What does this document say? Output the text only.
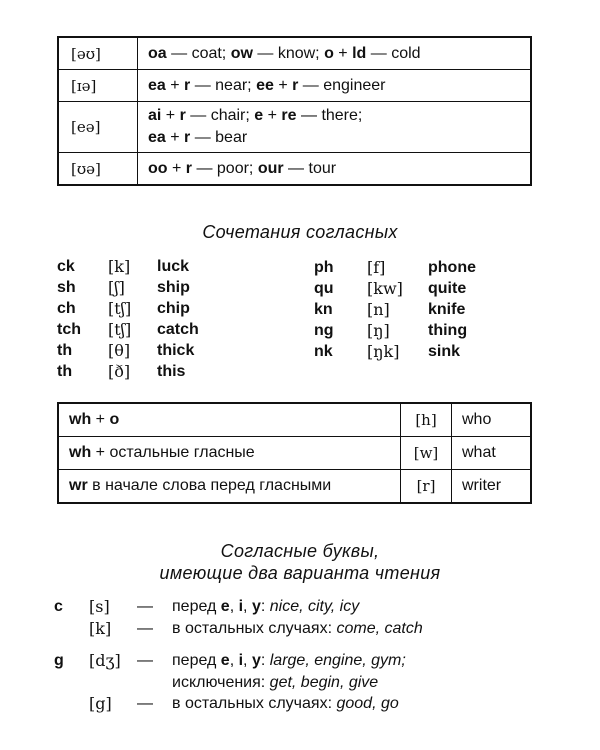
[əʊ]	oa — coat; ow — know; o + ld — cold
[ɪə]	ea + r — near; ee + r — engineer
[eə]	ai + r — chair; e + re — there;
ea + r — bear
[ʊə]	oo + r — poor; our — tour
Сочетания согласных
ck [k] luck
sh [ʃ] ship
ch [tʃ] chip
tch [tʃ] catch
th [θ] thick
th [ð] this
ph [f]	phone
qu [kw] quite
kn [n] knife
ng [ŋ] thing
nk [ŋk] sink
wh + o	[h]	who
wh + остальные гласные	[w]	what
wr в начале слова перед гласными	[r]	writer
Согласные буквы,
имеющие два варианта чтения
c [s] — перед e, i, y: nice, city, icy
[k] — в остальных случаях: come, catch
g [dʒ] — перед e, i, y: large, engine, gym;
исключения: get, begin, give
[g] — в остальных случаях: good, go
